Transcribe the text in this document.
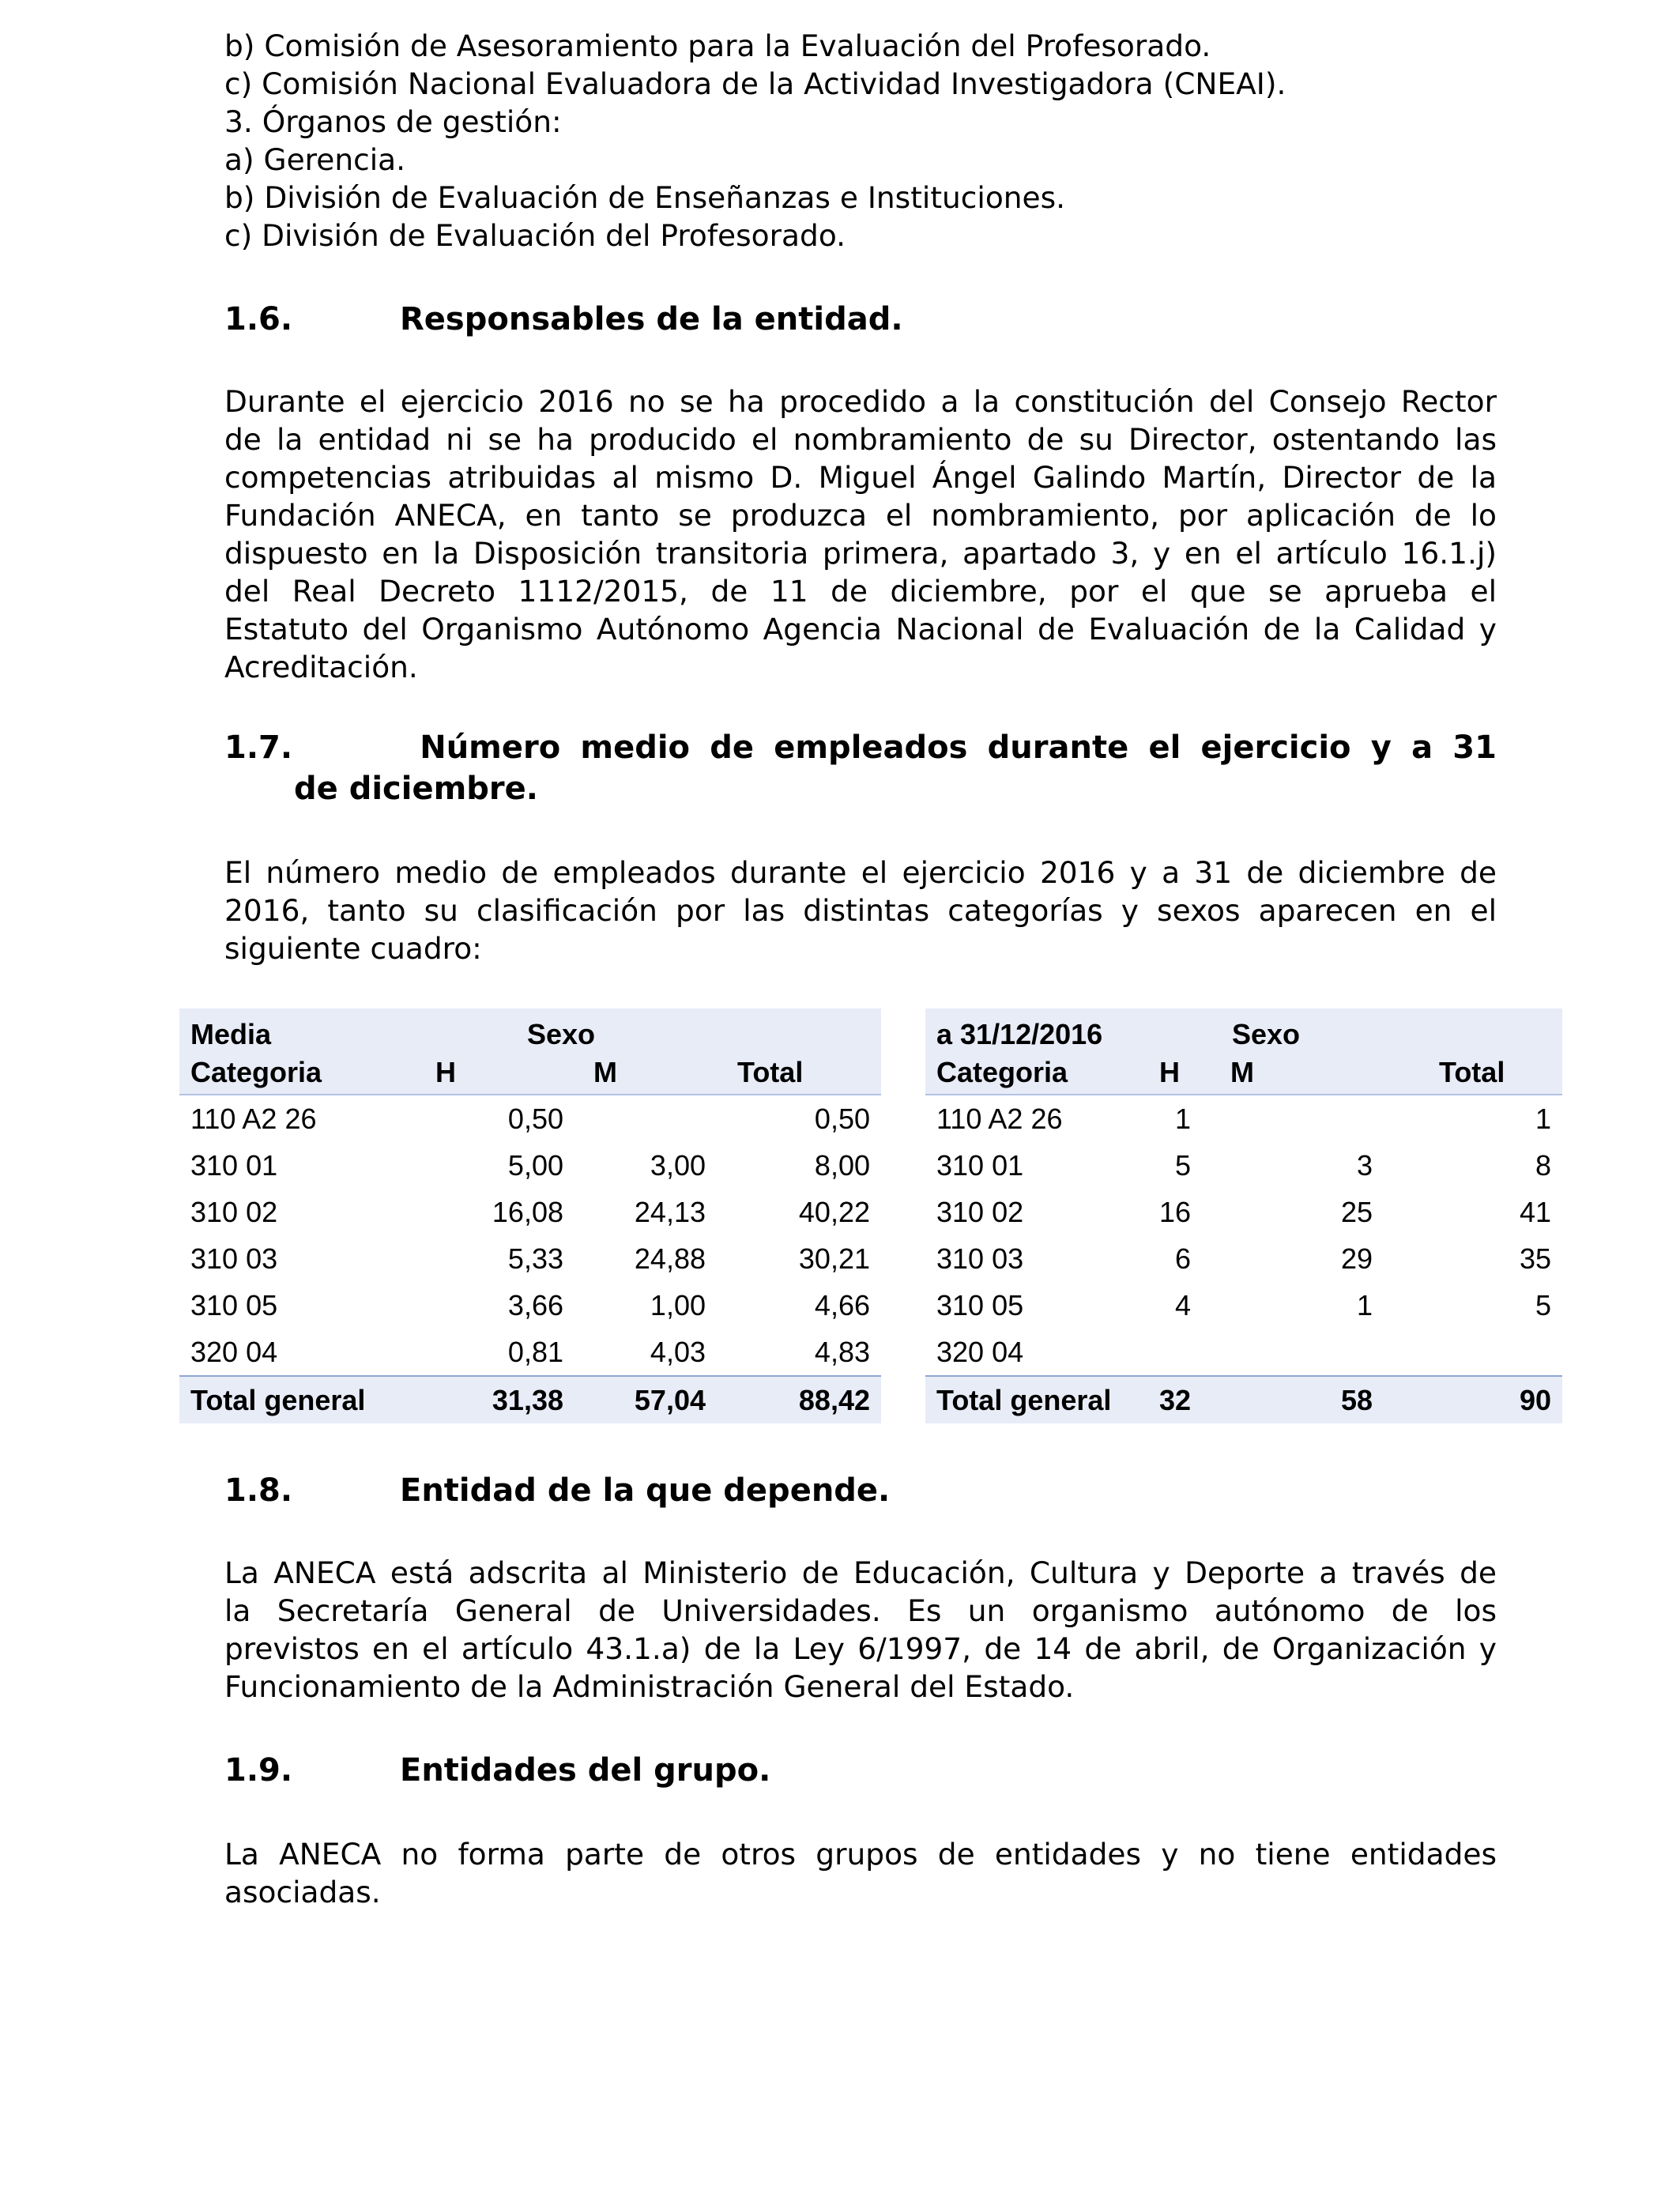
b) Comisión de Asesoramiento para la Evaluación del Profesorado.
c) Comisión Nacional Evaluadora de la Actividad Investigadora (CNEAI).
3. Órganos de gestión:
a) Gerencia.
b) División de Evaluación de Enseñanzas e Instituciones.
c) División de Evaluación del Profesorado.
1.6.	Responsables de la entidad.
Durante el ejercicio 2016 no se ha procedido a la constitución del Consejo Rector
de la entidad ni se ha producido el nombramiento de su Director, ostentando las
competencias atribuidas al mismo D. Miguel Ángel Galindo Martín, Director de la
Fundación ANECA, en tanto se produzca el nombramiento, por aplicación de lo
dispuesto en la Disposición transitoria primera, apartado 3, y en el artículo 16.1.j)
del Real Decreto 1112/2015, de 11 de diciembre, por el que se aprueba el
Estatuto del Organismo Autónomo Agencia Nacional de Evaluación de la Calidad y
Acreditación.
1.7.	Número medio de empleados durante el ejercicio y a 31
de diciembre.
El número medio de empleados durante el ejercicio 2016 y a 31 de diciembre de
2016, tanto su clasificación por las distintas categorías y sexos aparecen en el
siguiente cuadro:
Media	Sexo		
Categoria	H	M	Total
110 A2 26	0,50		0,50
310 01	5,00	3,00	8,00
310 02	16,08	24,13	40,22
310 03	5,33	24,88	30,21
310 05	3,66	1,00	4,66
320 04	0,81	4,03	4,83
Total general	31,38	57,04	88,42
a 31/12/2016	Sexo		
Categoria	H	M	Total
110 A2 26	1		1
310 01	5	3	8
310 02	16	25	41
310 03	6	29	35
310 05	4	1	5
320 04			
Total general	32	58	90
1.8.	Entidad de la que depende.
La ANECA está adscrita al Ministerio de Educación, Cultura y Deporte a través de
la Secretaría General de Universidades. Es un organismo autónomo de los
previstos en el artículo 43.1.a) de la Ley 6/1997, de 14 de abril, de Organización y
Funcionamiento de la Administración General del Estado.
1.9.	Entidades del grupo.
La ANECA no forma parte de otros grupos de entidades y no tiene entidades
asociadas.
